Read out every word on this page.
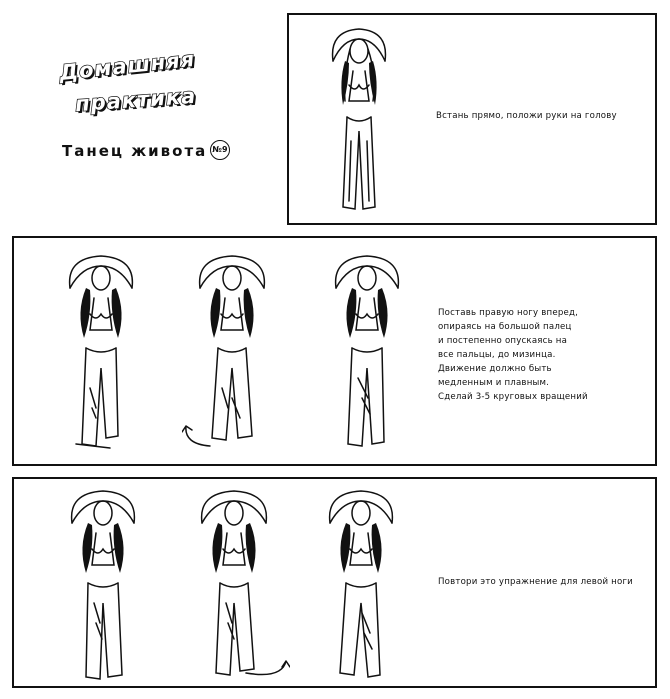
Домашняя
практика
Танец живота №9
Встань прямо, положи руки на голову
Поставь правую ногу вперед,
опираясь на большой палец
и постепенно опускаясь на
все пальцы, до мизинца.
Движение должно быть
медленным и плавным.
Сделай 3-5 круговых вращений
Повтори это упражнение для левой ноги
